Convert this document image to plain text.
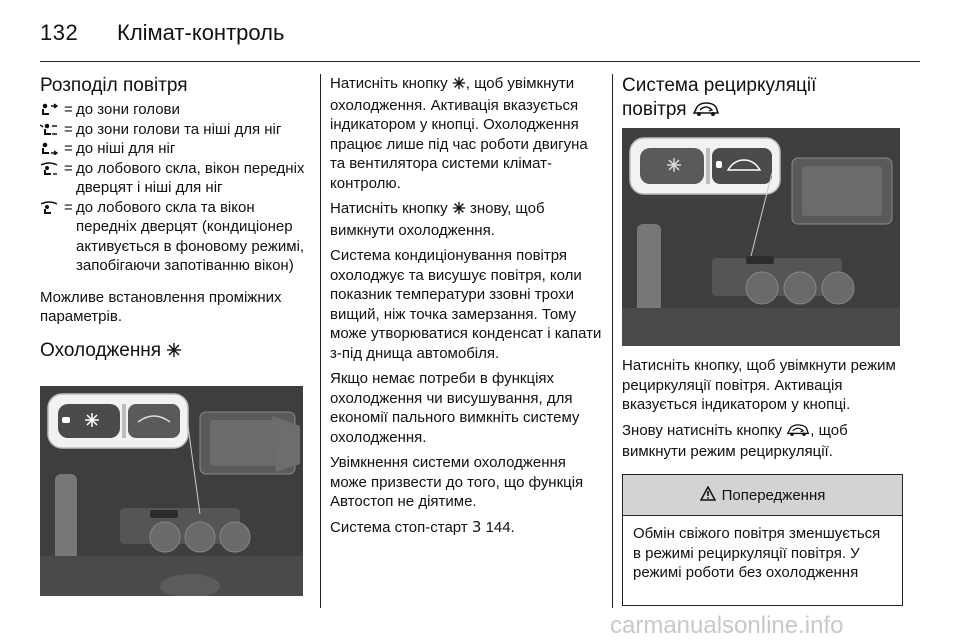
132 Клімат-контроль
Розподіл повітря
= до зони голови
= до зони голови та ніші для ніг
= до ніші для ніг
= до лобового скла, вікон передніх дверцят і ніші для ніг
= до лобового скла та вікон передніх дверцят (кондиціонер активується в фоновому режимі, запобігаючи запотіванню вікон)

Можливе встановлення проміжних параметрів.

Охолодження

Натисніть кнопку , щоб увімкнути охолодження. Активація вказується індикатором у кнопці. Охолодження працює лише під час роботи двигуна та вентилятора системи клімат-контролю.

Натисніть кнопку  знову, щоб вимкнути охолодження.

Система кондиціонування повітря охолоджує та висушує повітря, коли показник температури ззовні трохи вищий, ніж точка замерзання. Тому може утворюватися конденсат і капати з-під днища автомобіля.

Якщо немає потреби в функціях охолодження чи висушування, для економії пального вимкніть систему охолодження.

Увімкнення системи охолодження може призвести до того, що функція Автостоп не діятиме.

Система стоп-старт 3 144.

Система рециркуляції
повітря

Натисніть кнопку, щоб увімкнути режим рециркуляції повітря. Активація вказується індикатором у кнопці.

Знову натисніть кнопку , щоб вимкнути режим рециркуляції.

Попередження
Обмін свіжого повітря зменшується в режимі рециркуляції повітря. У режимі роботи без охолодження
carmanualsonline.info
